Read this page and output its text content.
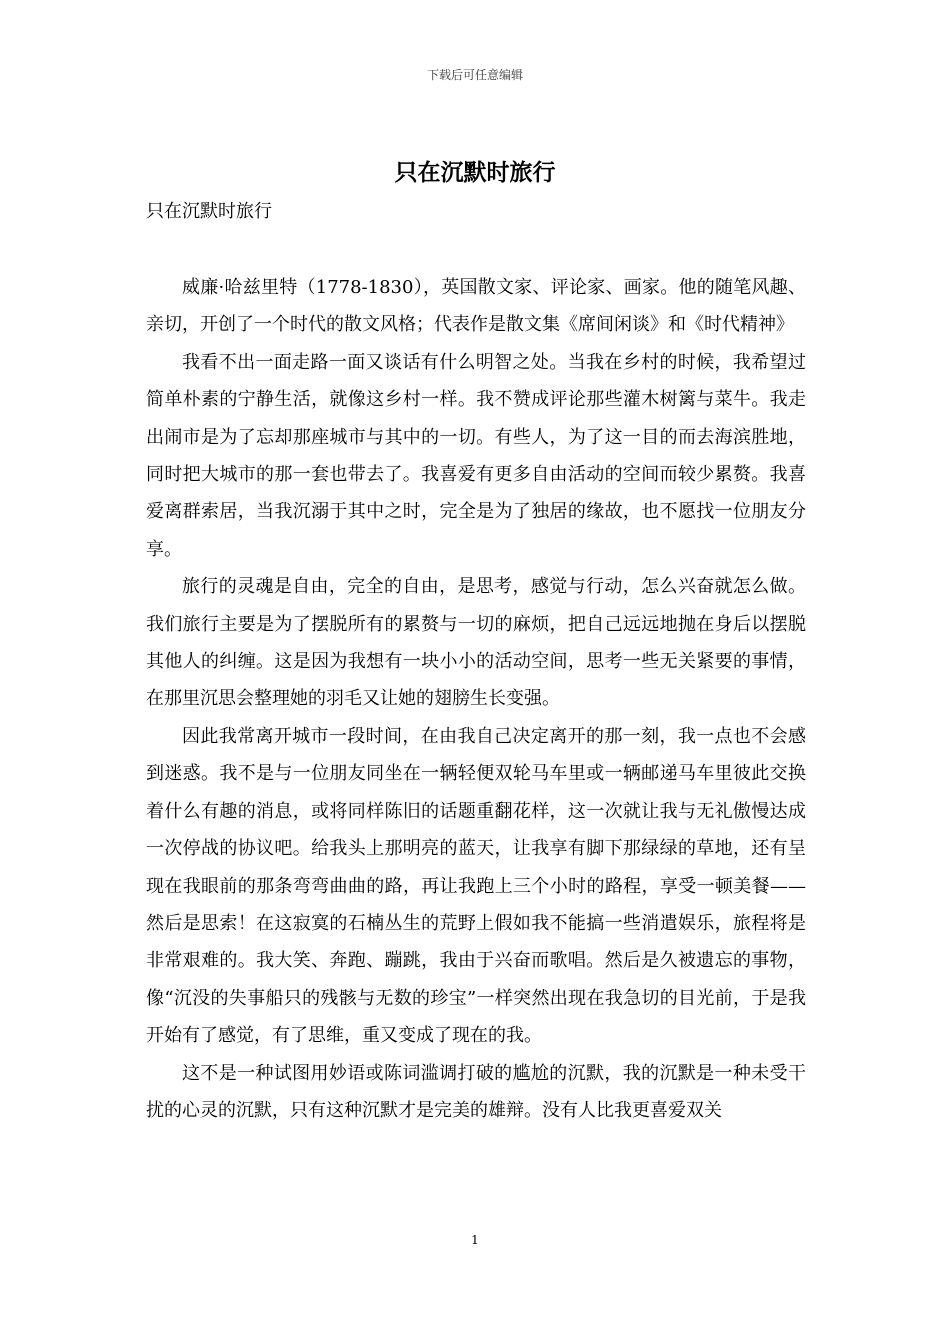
下载后可任意编辑
只在沉默时旅行
只在沉默时旅行

威廉·哈兹里特（1778-1830），英国散文家、评论家、画家。他的随笔风趣、亲切，开创了一个时代的散文风格；代表作是散文集《席间闲谈》和《时代精神》

我看不出一面走路一面又谈话有什么明智之处。当我在乡村的时候，我希望过简单朴素的宁静生活，就像这乡村一样。我不赞成评论那些灌木树篱与菜牛。我走出闹市是为了忘却那座城市与其中的一切。有些人，为了这一目的而去海滨胜地，同时把大城市的那一套也带去了。我喜爱有更多自由活动的空间而较少累赘。我喜爱离群索居，当我沉溺于其中之时，完全是为了独居的缘故，也不愿找一位朋友分享。

旅行的灵魂是自由，完全的自由，是思考，感觉与行动，怎么兴奋就怎么做。我们旅行主要是为了摆脱所有的累赘与一切的麻烦，把自己远远地抛在身后以摆脱其他人的纠缠。这是因为我想有一块小小的活动空间，思考一些无关紧要的事情，在那里沉思会整理她的羽毛又让她的翅膀生长变强。

因此我常离开城市一段时间，在由我自己决定离开的那一刻，我一点也不会感到迷惑。我不是与一位朋友同坐在一辆轻便双轮马车里或一辆邮递马车里彼此交换着什么有趣的消息，或将同样陈旧的话题重翻花样，这一次就让我与无礼傲慢达成一次停战的协议吧。给我头上那明亮的蓝天，让我享有脚下那绿绿的草地，还有呈现在我眼前的那条弯弯曲曲的路，再让我跑上三个小时的路程，享受一顿美餐——然后是思索！在这寂寞的石楠丛生的荒野上假如我不能搞一些消遣娱乐，旅程将是非常艰难的。我大笑、奔跑、蹦跳，我由于兴奋而歌唱。然后是久被遗忘的事物，像“沉没的失事船只的残骸与无数的珍宝”一样突然出现在我急切的目光前，于是我开始有了感觉，有了思维，重又变成了现在的我。

这不是一种试图用妙语或陈词滥调打破的尴尬的沉默，我的沉默是一种未受干扰的心灵的沉默，只有这种沉默才是完美的雄辩。没有人比我更喜爱双关

1
